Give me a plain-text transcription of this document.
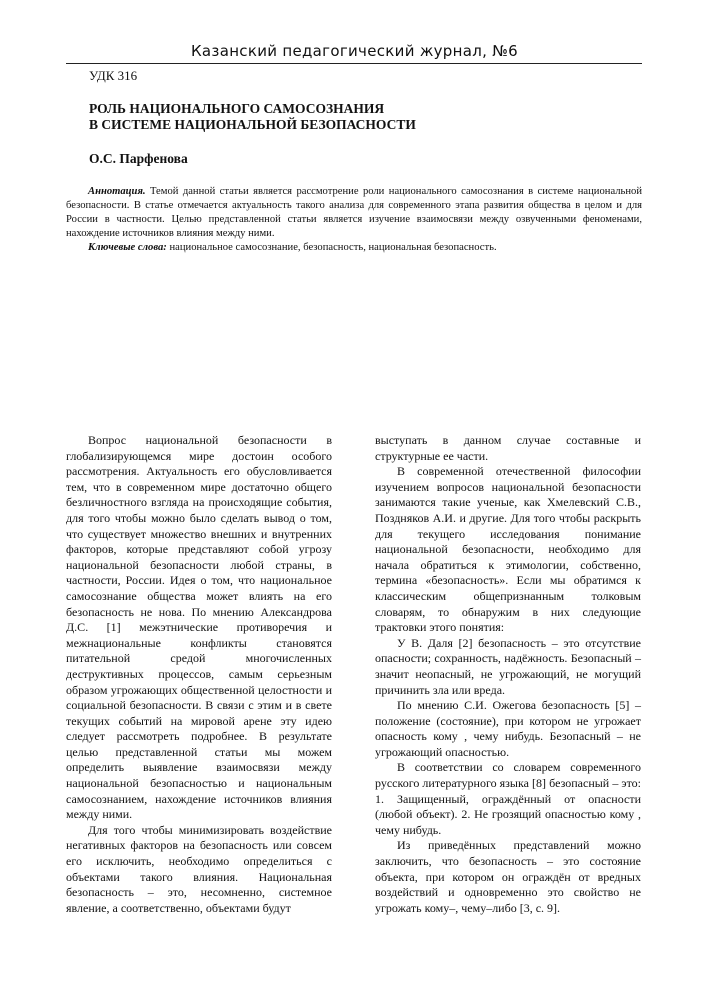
Казанский педагогический журнал, №6
УДК 316
РОЛЬ НАЦИОНАЛЬНОГО САМОСОЗНАНИЯ
В СИСТЕМЕ НАЦИОНАЛЬНОЙ БЕЗОПАСНОСТИ
О.С. Парфенова

Аннотация. Темой данной статьи является рассмотрение роли национального самосознания в системе национальной безопасности. В статье отмечается актуальность такого анализа для современного этапа развития общества в целом и для России в частности. Целью представленной статьи является изучение взаимосвязи между озвученными феноменами, нахождение источников влияния между ними.

Ключевые слова: национальное самосознание, безопасность, национальная безопасность.

Вопрос национальной безопасности в глобализирующемся мире достоин особого рассмотрения. Актуальность его обусловливается тем, что в современном мире достаточно общего безличностного взгляда на происходящие события, для того чтобы можно было сделать вывод о том, что существует множество внешних и внутренних факторов, которые представляют собой угрозу национальной безопасности любой страны, в частности, России. Идея о том, что национальное самосознание общества может влиять на его безопасность не нова. По мнению Александрова Д.С. [1] межэтнические противоречия и межнациональные конфликты становятся питательной средой многочисленных деструктивных процессов, самым серьезным образом угрожающих общественной целостности и социальной безопасности. В связи с этим и в свете текущих событий на мировой арене эту идею следует рассмотреть подробнее. В результате целью представленной статьи мы можем определить выявление взаимосвязи между национальной безопасностью и национальным самосознанием, нахождение источников влияния между ними.

Для того чтобы минимизировать воздействие негативных факторов на безопасность или совсем его исключить, необходимо определиться с объектами такого влияния. Национальная безопасность – это, несомненно, системное явление, а соответственно, объектами будут

выступать в данном случае составные и структурные ее части.

В современной отечественной философии изучением вопросов национальной безопасности занимаются такие ученые, как Хмелевский С.В., Поздняков А.И. и другие. Для того чтобы раскрыть для текущего исследования понимание национальной безопасности, необходимо для начала обратиться к этимологии, собственно, термина «безопасность». Если мы обратимся к классическим общепризнанным толковым словарям, то обнаружим в них следующие трактовки этого понятия:

У В. Даля [2] безопасность – это отсутствие опасности; сохранность, надёжность. Безопасный – значит неопасный, не угрожающий, не могущий причинить зла или вреда.

По мнению С.И. Ожегова безопасность [5] – положение (состояние), при котором не угрожает опасность кому , чему нибудь. Безопасный – не угрожающий опасностью.

В соответствии со словарем современного русского литературного языка [8] безопасный – это: 1. Защищенный, ограждённый от опасности (любой объект). 2. Не грозящий опасностью кому , чему нибудь.

Из приведённых представлений можно заключить, что безопасность – это состояние объекта, при котором он ограждён от вредных воздействий и одновременно это свойство не угрожать кому–, чему–либо [3, с. 9].
